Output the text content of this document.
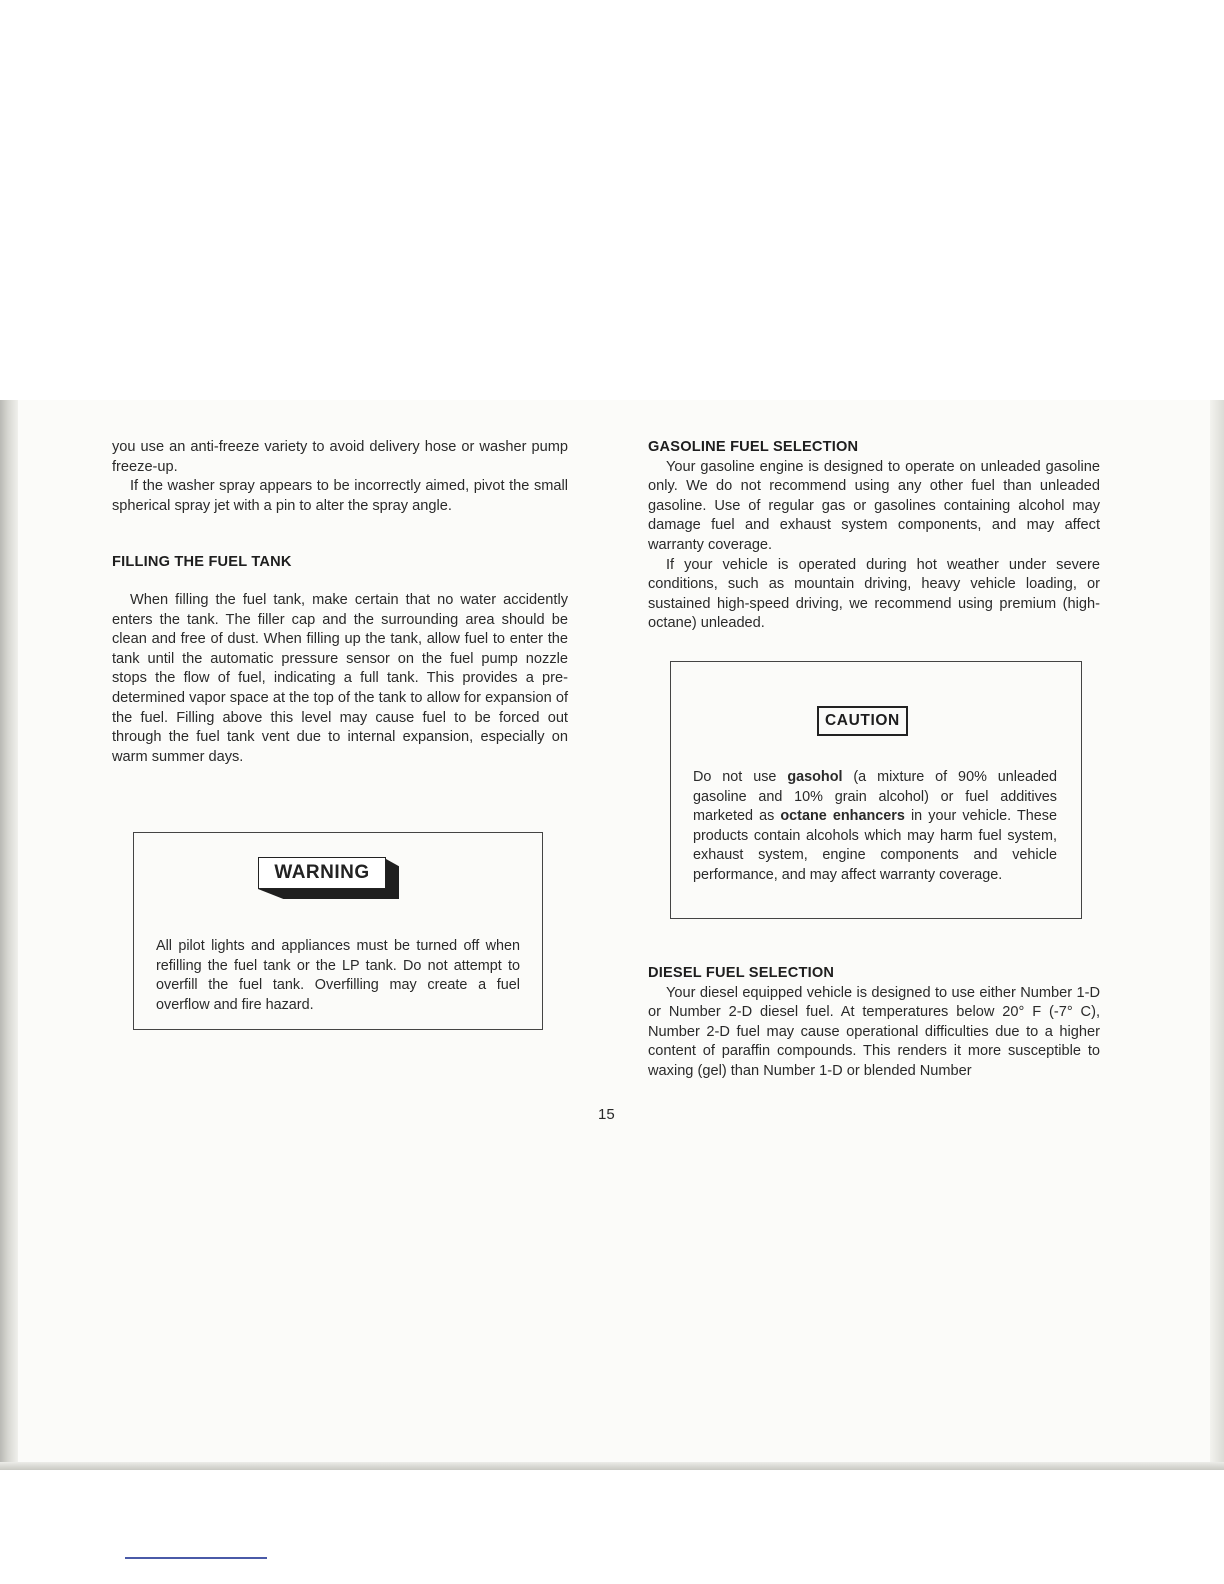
you use an anti-freeze variety to avoid delivery hose or washer pump freeze-up.

If the washer spray appears to be incorrectly aimed, pivot the small spherical spray jet with a pin to alter the spray angle.

FILLING THE FUEL TANK

When filling the fuel tank, make certain that no water accidently enters the tank. The filler cap and the surrounding area should be clean and free of dust. When filling up the tank, allow fuel to enter the tank until the automatic pressure sensor on the fuel pump nozzle stops the flow of fuel, indicating a full tank. This provides a pre-determined vapor space at the top of the tank to allow for expansion of the fuel. Filling above this level may cause fuel to be forced out through the fuel tank vent due to internal expansion, especially on warm summer days.

WARNING

All pilot lights and appliances must be turned off when refilling the fuel tank or the LP tank. Do not attempt to overfill the fuel tank. Overfilling may create a fuel overflow and fire hazard.

GASOLINE FUEL SELECTION

Your gasoline engine is designed to operate on unleaded gasoline only. We do not recommend using any other fuel than unleaded gasoline. Use of regular gas or gasolines containing alcohol may damage fuel and exhaust system components, and may affect warranty coverage.

If your vehicle is operated during hot weather under severe conditions, such as mountain driving, heavy vehicle loading, or sustained high-speed driving, we recommend using premium (high-octane) unleaded.

CAUTION

Do not use gasohol (a mixture of 90% unleaded gasoline and 10% grain alcohol) or fuel additives marketed as octane enhancers in your vehicle. These products contain alcohols which may harm fuel system, exhaust system, engine components and vehicle performance, and may affect warranty coverage.

DIESEL FUEL SELECTION

Your diesel equipped vehicle is designed to use either Number 1-D or Number 2-D diesel fuel. At temperatures below 20° F (-7° C), Number 2-D fuel may cause operational difficulties due to a higher content of paraffin compounds. This renders it more susceptible to waxing (gel) than Number 1-D or blended Number

15
